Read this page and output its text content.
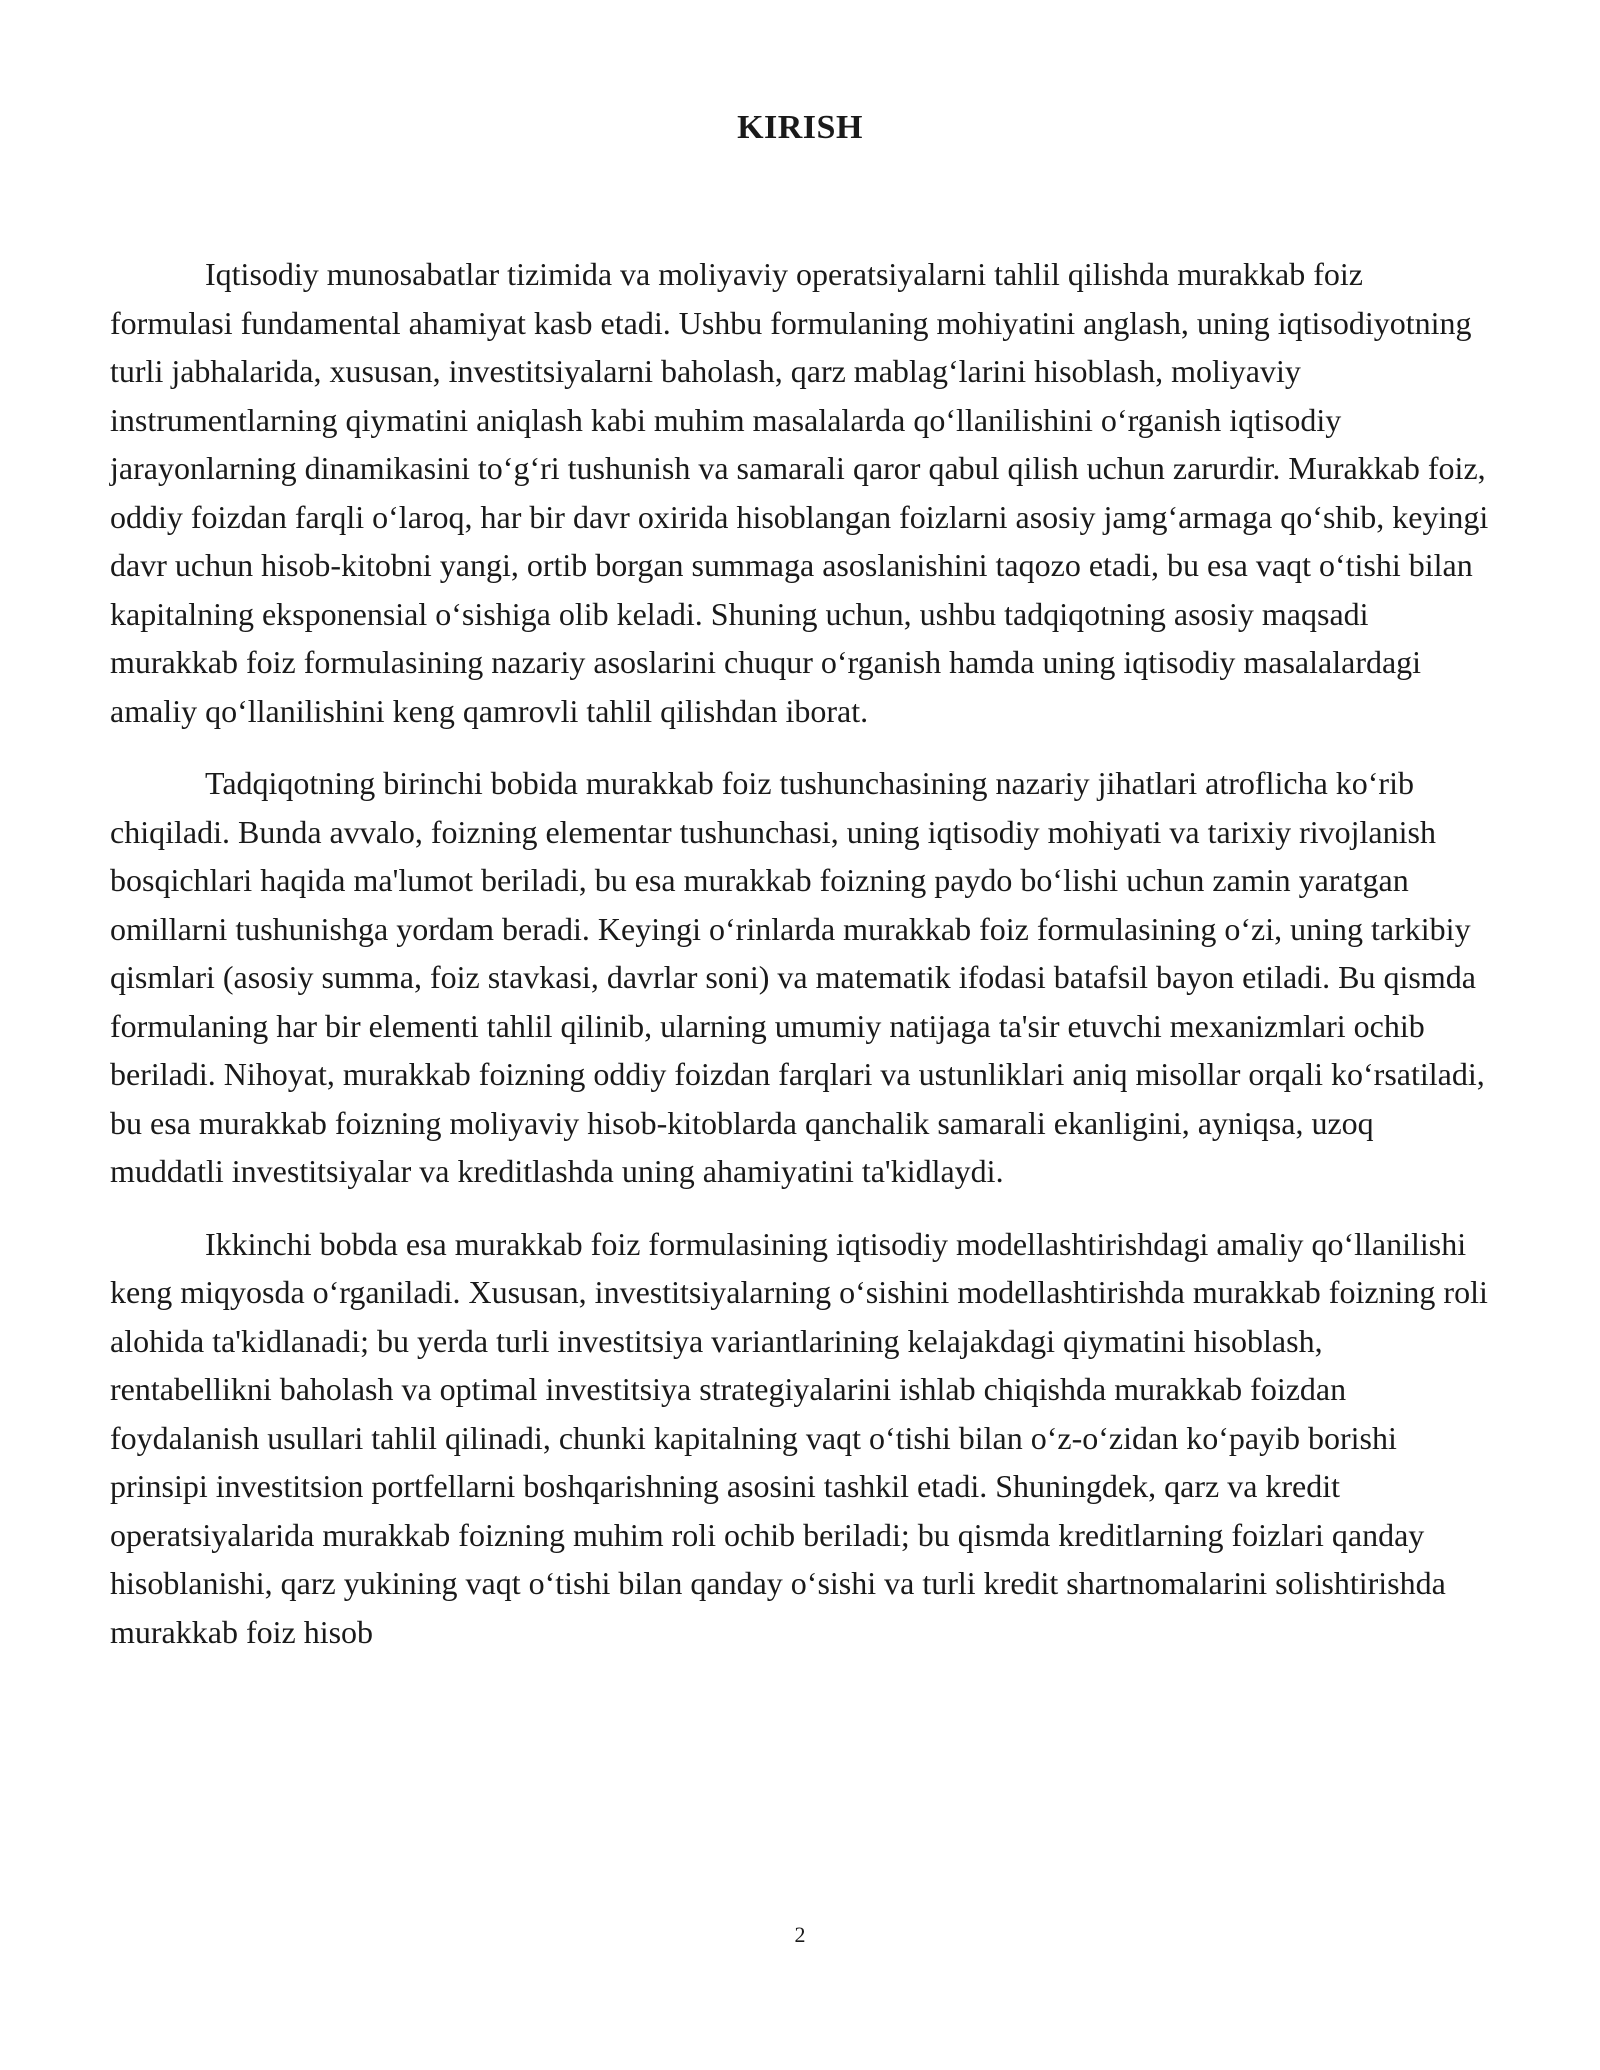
KIRISH

Iqtisodiy munosabatlar tizimida va moliyaviy operatsiyalarni tahlil qilishda murakkab foiz formulasi fundamental ahamiyat kasb etadi. Ushbu formulaning mohiyatini anglash, uning iqtisodiyotning turli jabhalarida, xususan, investitsiyalarni baholash, qarz mablag‘larini hisoblash, moliyaviy instrumentlarning qiymatini aniqlash kabi muhim masalalarda qo‘llanilishini o‘rganish iqtisodiy jarayonlarning dinamikasini to‘g‘ri tushunish va samarali qaror qabul qilish uchun zarurdir. Murakkab foiz, oddiy foizdan farqli o‘laroq, har bir davr oxirida hisoblangan foizlarni asosiy jamg‘armaga qo‘shib, keyingi davr uchun hisob-kitobni yangi, ortib borgan summaga asoslanishini taqozo etadi, bu esa vaqt o‘tishi bilan kapitalning eksponensial o‘sishiga olib keladi. Shuning uchun, ushbu tadqiqotning asosiy maqsadi murakkab foiz formulasining nazariy asoslarini chuqur o‘rganish hamda uning iqtisodiy masalalardagi amaliy qo‘llanilishini keng qamrovli tahlil qilishdan iborat.

Tadqiqotning birinchi bobida murakkab foiz tushunchasining nazariy jihatlari atroflicha ko‘rib chiqiladi. Bunda avvalo, foizning elementar tushunchasi, uning iqtisodiy mohiyati va tarixiy rivojlanish bosqichlari haqida ma'lumot beriladi, bu esa murakkab foizning paydo bo‘lishi uchun zamin yaratgan omillarni tushunishga yordam beradi. Keyingi o‘rinlarda murakkab foiz formulasining o‘zi, uning tarkibiy qismlari (asosiy summa, foiz stavkasi, davrlar soni) va matematik ifodasi batafsil bayon etiladi. Bu qismda formulaning har bir elementi tahlil qilinib, ularning umumiy natijaga ta'sir etuvchi mexanizmlari ochib beriladi. Nihoyat, murakkab foizning oddiy foizdan farqlari va ustunliklari aniq misollar orqali ko‘rsatiladi, bu esa murakkab foizning moliyaviy hisob-kitoblarda qanchalik samarali ekanligini, ayniqsa, uzoq muddatli investitsiyalar va kreditlashda uning ahamiyatini ta'kidlaydi.

Ikkinchi bobda esa murakkab foiz formulasining iqtisodiy modellashtirishdagi amaliy qo‘llanilishi keng miqyosda o‘rganiladi. Xususan, investitsiyalarning o‘sishini modellashtirishda murakkab foizning roli alohida ta'kidlanadi; bu yerda turli investitsiya variantlarining kelajakdagi qiymatini hisoblash, rentabellikni baholash va optimal investitsiya strategiyalarini ishlab chiqishda murakkab foizdan foydalanish usullari tahlil qilinadi, chunki kapitalning vaqt o‘tishi bilan o‘z-o‘zidan ko‘payib borishi prinsipi investitsion portfellarni boshqarishning asosini tashkil etadi. Shuningdek, qarz va kredit operatsiyalarida murakkab foizning muhim roli ochib beriladi; bu qismda kreditlarning foizlari qanday hisoblanishi, qarz yukining vaqt o‘tishi bilan qanday o‘sishi va turli kredit shartnomalarini solishtirishda murakkab foiz hisob

2
